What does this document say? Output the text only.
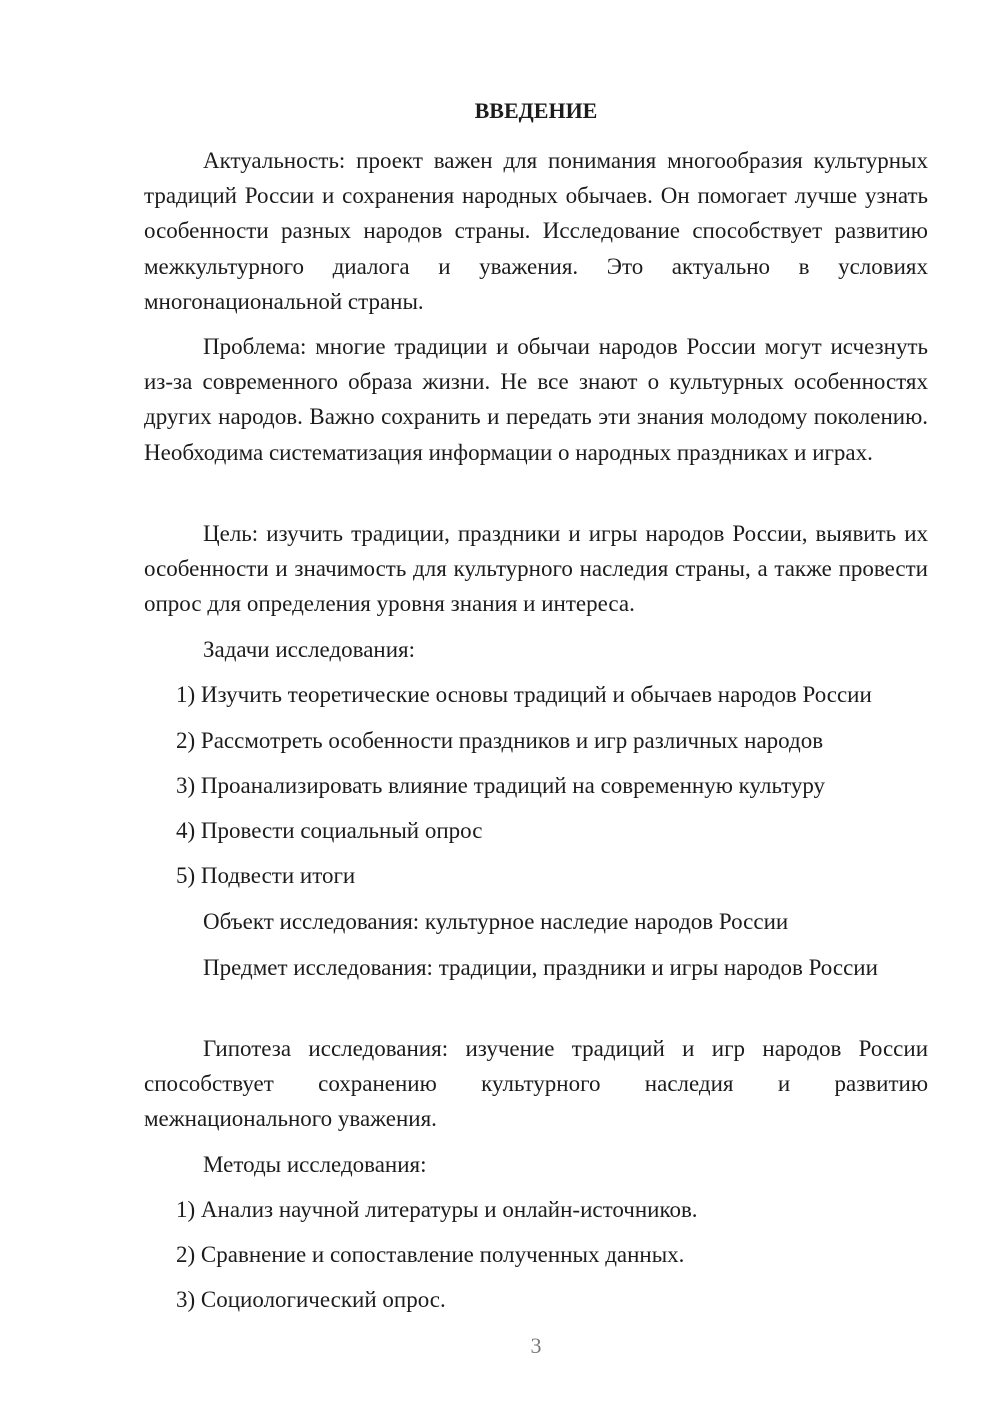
ВВЕДЕНИЕ
Актуальность: проект важен для понимания многообразия культурных традиций России и сохранения народных обычаев. Он помогает лучше узнать особенности разных народов страны. Исследование способствует развитию межкультурного диалога и уважения. Это актуально в условиях многонациональной страны.
Проблема: многие традиции и обычаи народов России могут исчезнуть из-за современного образа жизни. Не все знают о культурных особенностях других народов. Важно сохранить и передать эти знания молодому поколению. Необходима систематизация информации о народных праздниках и играх.
Цель: изучить традиции, праздники и игры народов России, выявить их особенности и значимость для культурного наследия страны, а также провести опрос для определения уровня знания и интереса.
Задачи исследования:
1) Изучить теоретические основы традиций и обычаев народов России
2) Рассмотреть особенности праздников и игр различных народов
3) Проанализировать влияние традиций на современную культуру
4) Провести социальный опрос
5) Подвести итоги
Объект исследования: культурное наследие народов России
Предмет исследования: традиции, праздники и игры народов России
Гипотеза исследования: изучение традиций и игр народов России способствует сохранению культурного наследия и развитию межнационального уважения.
Методы исследования:
1) Анализ научной литературы и онлайн-источников.
2) Сравнение и сопоставление полученных данных.
3) Социологический опрос.
3
